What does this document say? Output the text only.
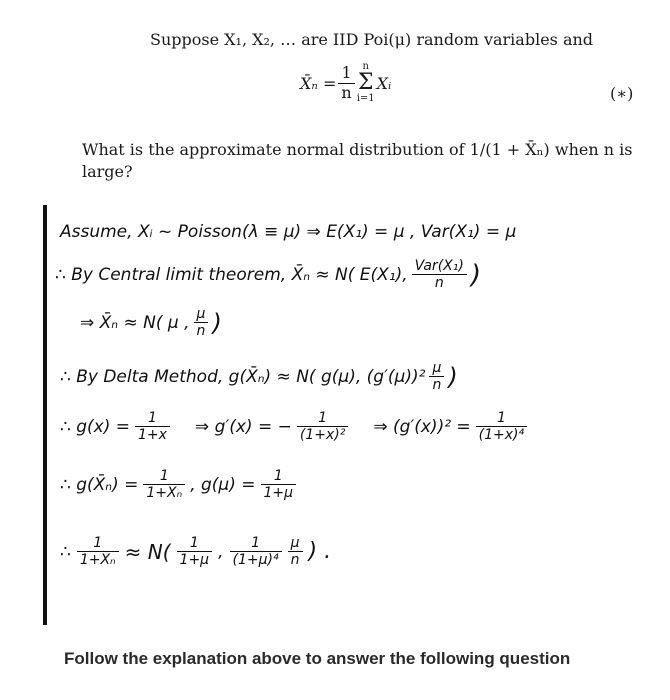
Suppose X₁, X₂, … are IID Poi(μ) random variables and
X̄ₙ = $\frac{1}{n}$ n
Σ
i=1
Xᵢ
(∗)
What is the approximate normal distribution of 1/(1 + X̄ₙ) when n is
large?
Assume, Xᵢ ~ Poisson(λ ≡ μ) ⇒ E(X₁) = μ , Var(X₁) = μ
∴ By Central limit theorem, X̄ₙ ≈ N( E(X₁), $\frac{\text{Var(X₁)}}{n}$ )
⇒ X̄ₙ ≈ N( μ , $\frac{\mu}{n}$ )
∴ By Delta Method, g(X̄ₙ) ≈ N( g(μ), $(g'(\mu))^2 \frac{\mu}{n}$ )
∴ $g(x) = \frac{1}{1+x}$ ⇒ g′(x) = − $\frac{1}{\text{(1+x)²}}$ ⇒ $(g'(x))^2 = \frac{1}{\text{(1+x)⁴}}$
∴ g(X̄ₙ) = $\frac{1}{\text{1+X̄ₙ}}$ , $g(\mu) = \frac{1}{1+\mu}$
∴ $\frac{1}{\text{1+X̄ₙ}} \approx N( \frac{1}{1+\mu}$ , $\frac{1}{\text{(1+μ)⁴}} \frac{\mu}{n}$ ) .
Follow the explanation above to answer the following question
